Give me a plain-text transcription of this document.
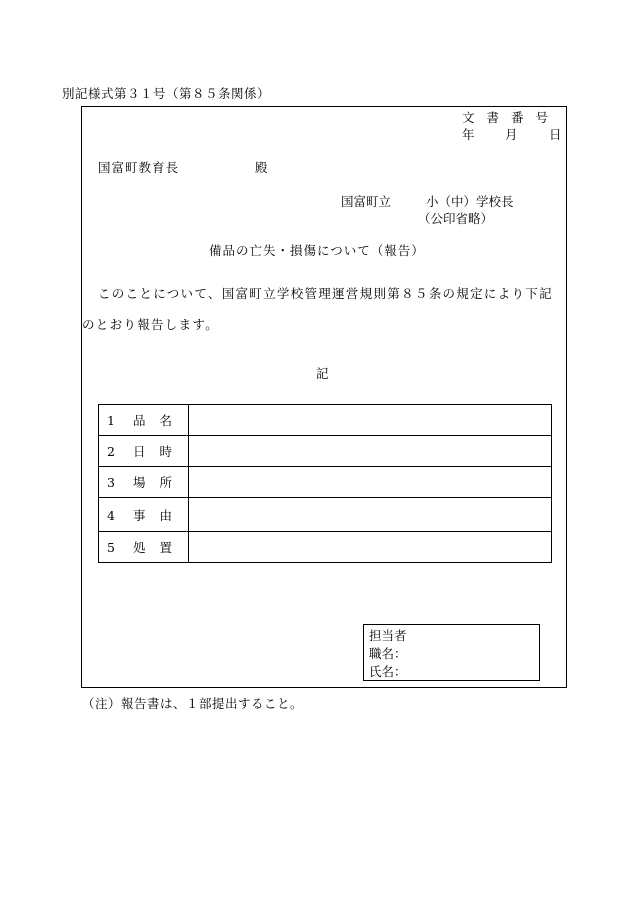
別記様式第３１号（第８５条関係）
文書番号
年 月	日
国富町教育長	殿
国富町立	小（中）学校長
（公印省略）
備品の亡失・損傷について（報告）
このことについて、国富町立学校管理運営規則第８５条の規定により下記のとおり報告します。
記
1 品名	
2 日時	
3 場所	
4 事由	
5 処置	
担当者
職名：
氏名：
（注）報告書は、１部提出すること。
